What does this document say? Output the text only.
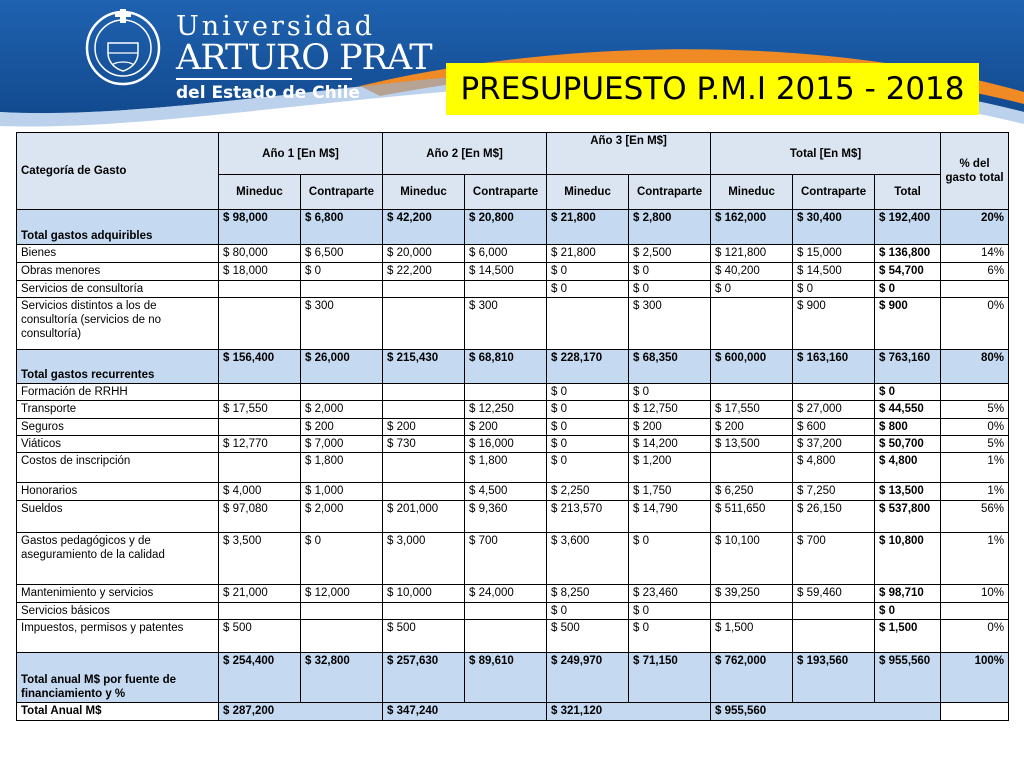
Universidad
ARTURO PRAT
del Estado de Chile	PRESUPUESTO P.M.I 2015 - 2018
Categoría de Gasto	Año 1 [En M$]		Año 2 [En M$]		Año 3 [En M$]		Total [En M$]			% del gasto total	
	Mineduc	Contraparte	Mineduc	Contraparte	Mineduc	Contraparte	Mineduc	Contraparte	Total		
Total gastos adquiribles	$ 98,000	$ 6,800	$ 42,200	$ 20,800	$ 21,800	$ 2,800	$ 162,000	$ 30,400	$ 192,400	20%	
Bienes	$ 80,000	$ 6,500	$ 20,000	$ 6,000	$ 21,800	$ 2,500	$ 121,800	$ 15,000	$ 136,800	14%	
Obras menores	$ 18,000	$ 0	$ 22,200	$ 14,500	$ 0	$ 0	$ 40,200	$ 14,500	$ 54,700	6%	
Servicios de consultoría					$ 0	$ 0	$ 0	$ 0	$ 0		
Servicios distintos a los de consultoría (servicios de no consultoría)		$ 300		$ 300		$ 300		$ 900	$ 900	0%	
Total gastos recurrentes	$ 156,400	$ 26,000	$ 215,430	$ 68,810	$ 228,170	$ 68,350	$ 600,000	$ 163,160	$ 763,160	80%	
Formación de RRHH					$ 0	$ 0			$ 0		
Transporte	$ 17,550	$ 2,000		$ 12,250	$ 0	$ 12,750	$ 17,550	$ 27,000	$ 44,550	5%	
Seguros		$ 200	$ 200	$ 200	$ 0	$ 200	$ 200	$ 600	$ 800	0%	
Viáticos	$ 12,770	$ 7,000	$ 730	$ 16,000	$ 0	$ 14,200	$ 13,500	$ 37,200	$ 50,700	5%	
Costos de inscripción		$ 1,800		$ 1,800	$ 0	$ 1,200		$ 4,800	$ 4,800	1%	
Honorarios	$ 4,000	$ 1,000		$ 4,500	$ 2,250	$ 1,750	$ 6,250	$ 7,250	$ 13,500	1%	
Sueldos	$ 97,080	$ 2,000	$ 201,000	$ 9,360	$ 213,570	$ 14,790	$ 511,650	$ 26,150	$ 537,800	56%	
Gastos pedagógicos y de aseguramiento de la calidad	$ 3,500	$ 0	$ 3,000	$ 700	$ 3,600	$ 0	$ 10,100	$ 700	$ 10,800	1%	
Mantenimiento y servicios	$ 21,000	$ 12,000	$ 10,000	$ 24,000	$ 8,250	$ 23,460	$ 39,250	$ 59,460	$ 98,710	10%	
Servicios básicos					$ 0	$ 0			$ 0		
Impuestos, permisos y patentes	$ 500		$ 500		$ 500	$ 0	$ 1,500		$ 1,500	0%	
Total anual M$ por fuente de financiamiento y %	$ 254,400	$ 32,800	$ 257,630	$ 89,610	$ 249,970	$ 71,150	$ 762,000	$ 193,560	$ 955,560	100%	
Total Anual M$	$ 287,200		$ 347,240		$ 321,120		$ 955,560				
